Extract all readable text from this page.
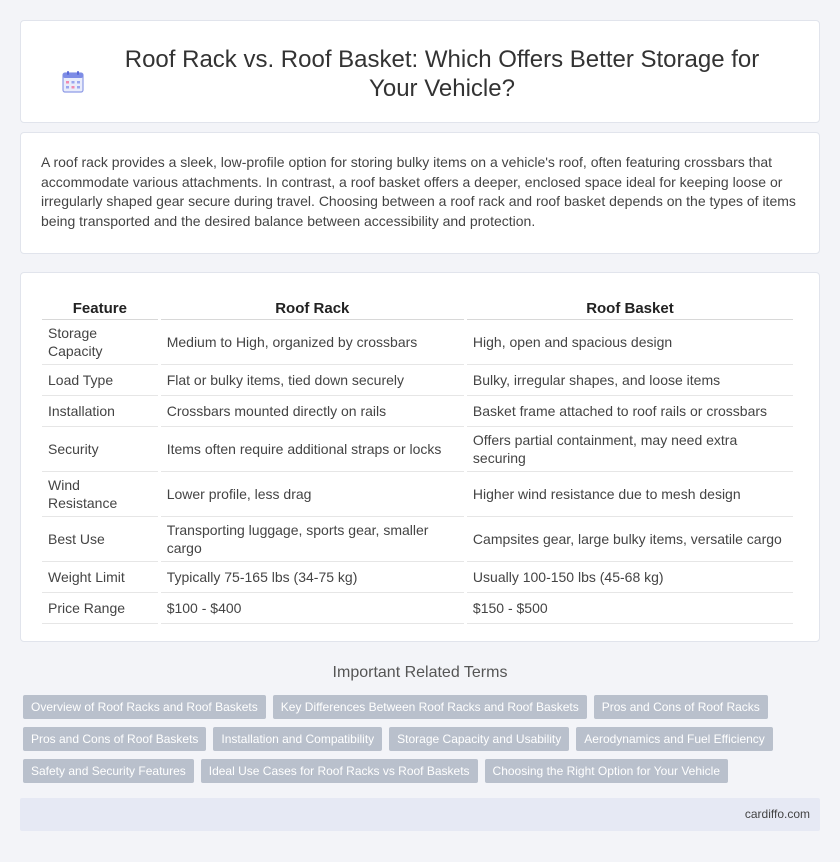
Roof Rack vs. Roof Basket: Which Offers Better Storage for Your Vehicle?

A roof rack provides a sleek, low-profile option for storing bulky items on a vehicle's roof, often featuring crossbars that accommodate various attachments. In contrast, a roof basket offers a deeper, enclosed space ideal for keeping loose or irregularly shaped gear secure during travel. Choosing between a roof rack and roof basket depends on the types of items being transported and the desired balance between accessibility and protection.

Feature	Roof Rack	Roof Basket
Storage Capacity	Medium to High, organized by crossbars	High, open and spacious design
Load Type	Flat or bulky items, tied down securely	Bulky, irregular shapes, and loose items
Installation	Crossbars mounted directly on rails	Basket frame attached to roof rails or crossbars
Security	Items often require additional straps or locks	Offers partial containment, may need extra securing
Wind Resistance	Lower profile, less drag	Higher wind resistance due to mesh design
Best Use	Transporting luggage, sports gear, smaller cargo	Campsites gear, large bulky items, versatile cargo
Weight Limit	Typically 75-165 lbs (34-75 kg)	Usually 100-150 lbs (45-68 kg)
Price Range	$100 - $400	$150 - $500
Important Related Terms
Overview of Roof Racks and Roof Baskets	Key Differences Between Roof Racks and Roof Baskets	Pros and Cons of Roof Racks
Pros and Cons of Roof Baskets	Installation and Compatibility	Storage Capacity and Usability	Aerodynamics and Fuel Efficiency
Safety and Security Features	Ideal Use Cases for Roof Racks vs Roof Baskets	Choosing the Right Option for Your Vehicle
cardiffo.com
